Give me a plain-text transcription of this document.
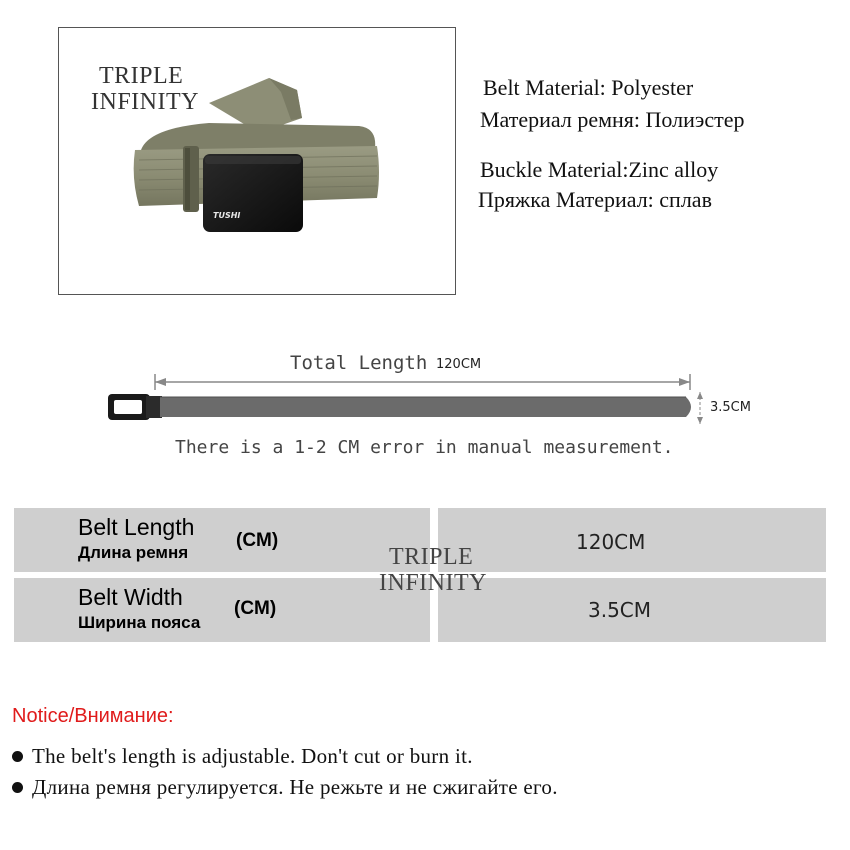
TUSHI
TRIPLE
INFINITY
Belt Material: Polyester
Материал ремня: Полиэстер
Buckle Material:Zinc alloy
Пряжка Материал: сплав
Total Length 120CM
3.5CM
There is a 1-2 CM error in manual measurement.
Belt Length
Длина ремня
(CM)	120CM
Belt Width
Ширина пояса
(CM)	3.5CM
TRIPLE
INFINITY
Notice/Внимание:
The belt's length is adjustable. Don't cut or burn it.
Длина ремня регулируется. Не режьте и не сжигайте его.
